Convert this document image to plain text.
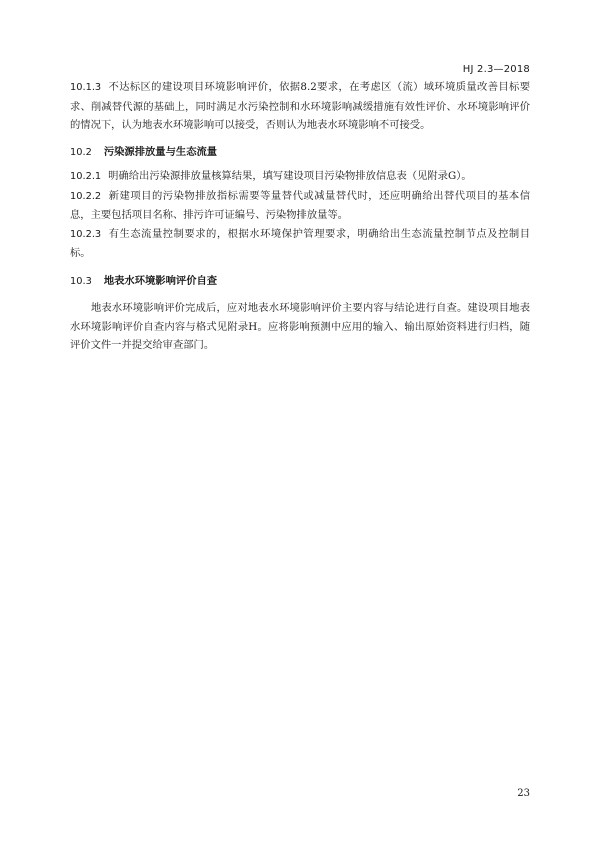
HJ 2.3—2018

10.1.3 不达标区的建设项目环境影响评价，依据8.2要求，在考虑区（流）域环境质量改善目标要求、削减替代源的基础上，同时满足水污染控制和水环境影响减缓措施有效性评价、水环境影响评价的情况下，认为地表水环境影响可以接受，否则认为地表水环境影响不可接受。

10.2 污染源排放量与生态流量

10.2.1 明确给出污染源排放量核算结果，填写建设项目污染物排放信息表（见附录G）。

10.2.2 新建项目的污染物排放指标需要等量替代或减量替代时，还应明确给出替代项目的基本信息，主要包括项目名称、排污许可证编号、污染物排放量等。

10.2.3 有生态流量控制要求的，根据水环境保护管理要求，明确给出生态流量控制节点及控制目标。

10.3 地表水环境影响评价自查

地表水环境影响评价完成后，应对地表水环境影响评价主要内容与结论进行自查。建设项目地表水环境影响评价自查内容与格式见附录H。应将影响预测中应用的输入、输出原始资料进行归档，随评价文件一并提交给审查部门。

23
